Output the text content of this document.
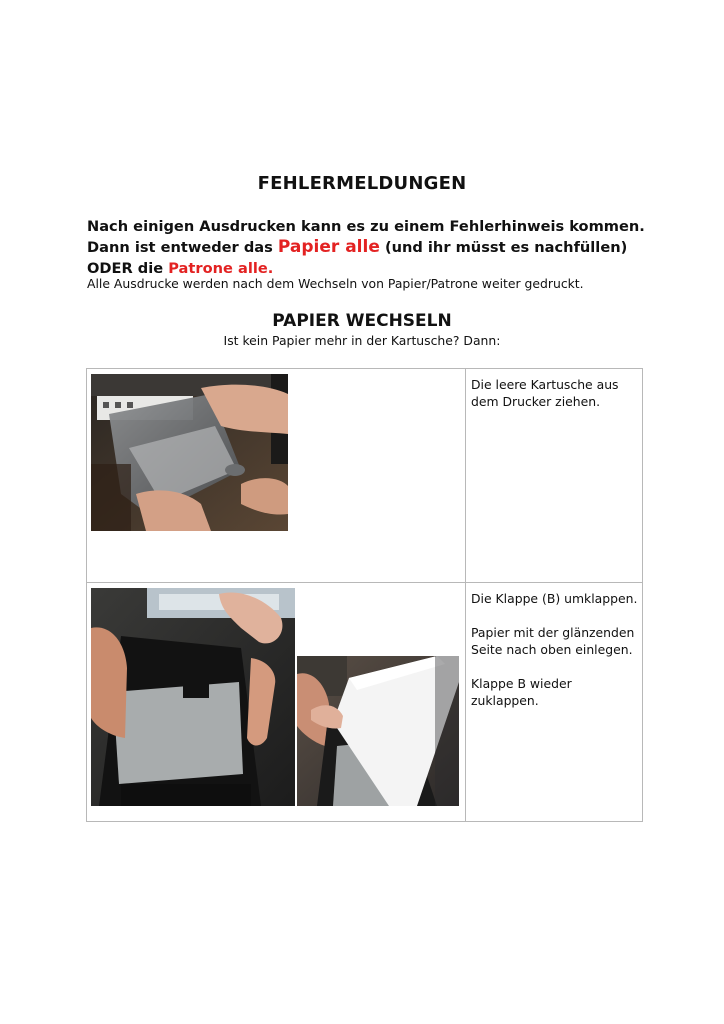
FEHLERMELDUNGEN
Nach einigen Ausdrucken kann es zu einem Fehlerhinweis kommen.
Dann ist entweder das Papier alle (und ihr müsst es nachfüllen)
ODER die Patrone alle.
Alle Ausdrucke werden nach dem Wechseln von Papier/Patrone weiter gedruckt.
PAPIER WECHSELN
Ist kein Papier mehr in der Kartusche? Dann:

Die leere Kartusche aus dem Drucker ziehen.

Die Klappe (B) umklappen.

Papier mit der glänzenden Seite nach oben einlegen.

Klappe B wieder zuklappen.
